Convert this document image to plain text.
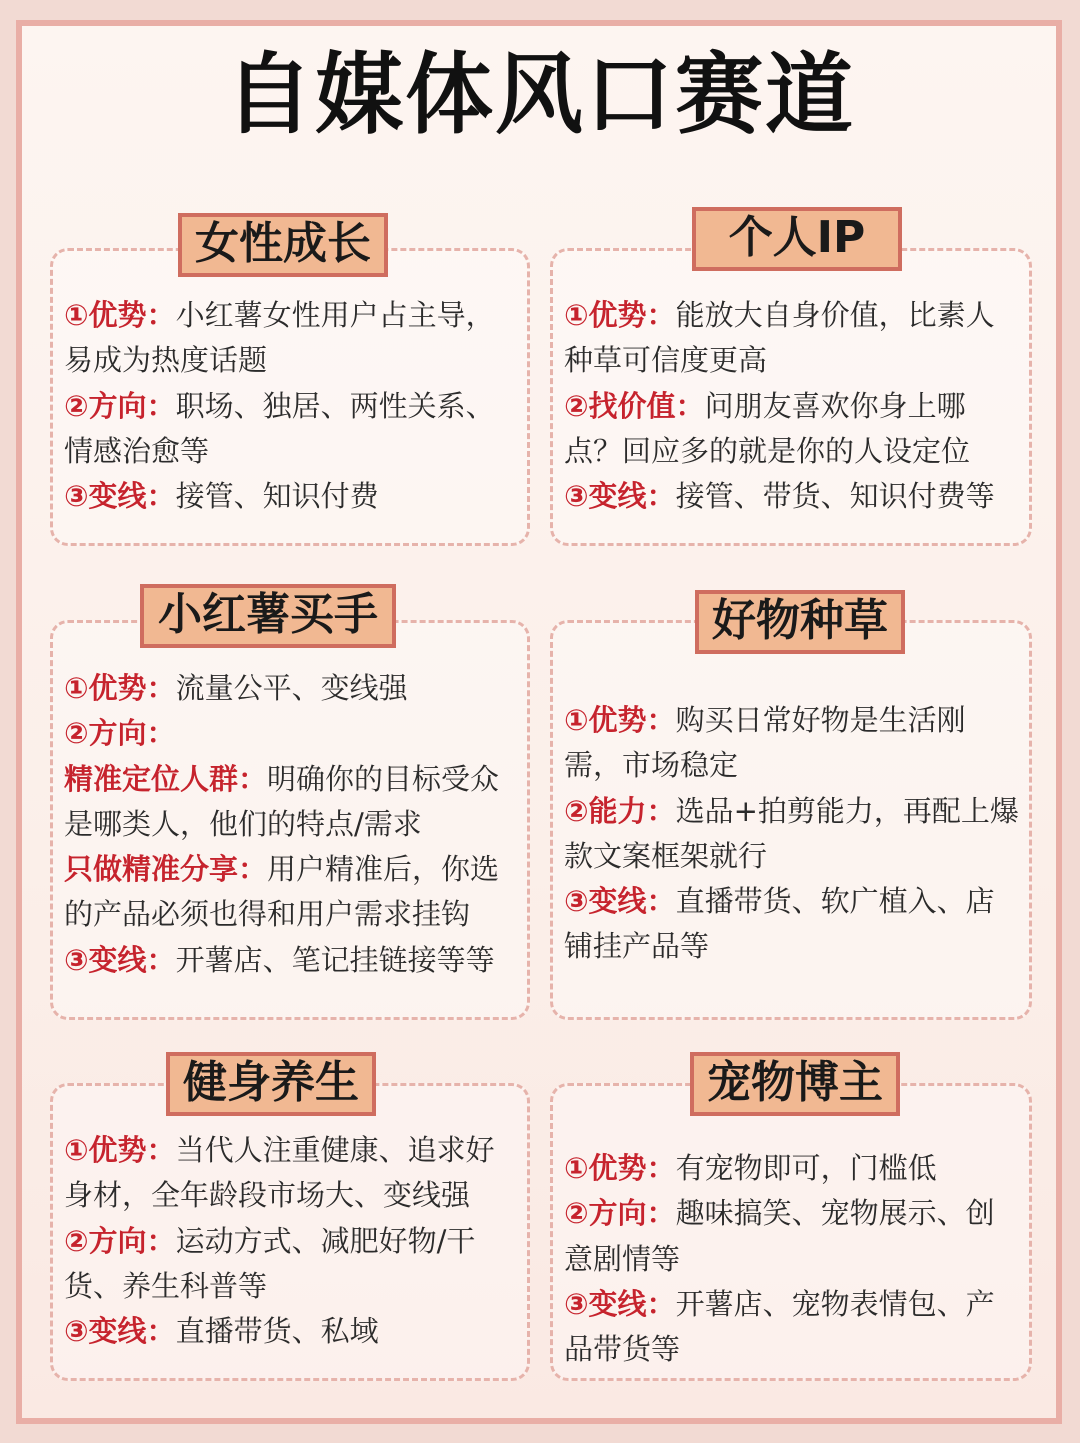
自媒体风口赛道
女性成长

①优势：小红薯女性用户占主导，易成为热度话题

②方向：职场、独居、两性关系、情感治愈等

③变线：接管、知识付费

个人IP

①优势：能放大自身价值，比素人种草可信度更高

②找价值：问朋友喜欢你身上哪点？回应多的就是你的人设定位

③变线：接管、带货、知识付费等

小红薯买手

①优势：流量公平、变线强

②方向：

精准定位人群：明确你的目标受众是哪类人，他们的特点/需求

只做精准分享：用户精准后，你选的产品必须也得和用户需求挂钩

③变线：开薯店、笔记挂链接等等

好物种草

①优势：购买日常好物是生活刚需，市场稳定

②能力：选品+拍剪能力，再配上爆款文案框架就行

③变线：直播带货、软广植入、店铺挂产品等

健身养生

①优势：当代人注重健康、追求好身材，全年龄段市场大、变线强

②方向：运动方式、减肥好物/干货、养生科普等

③变线：直播带货、私域

宠物博主

①优势：有宠物即可，门槛低

②方向：趣味搞笑、宠物展示、创意剧情等

③变线：开薯店、宠物表情包、产品带货等
